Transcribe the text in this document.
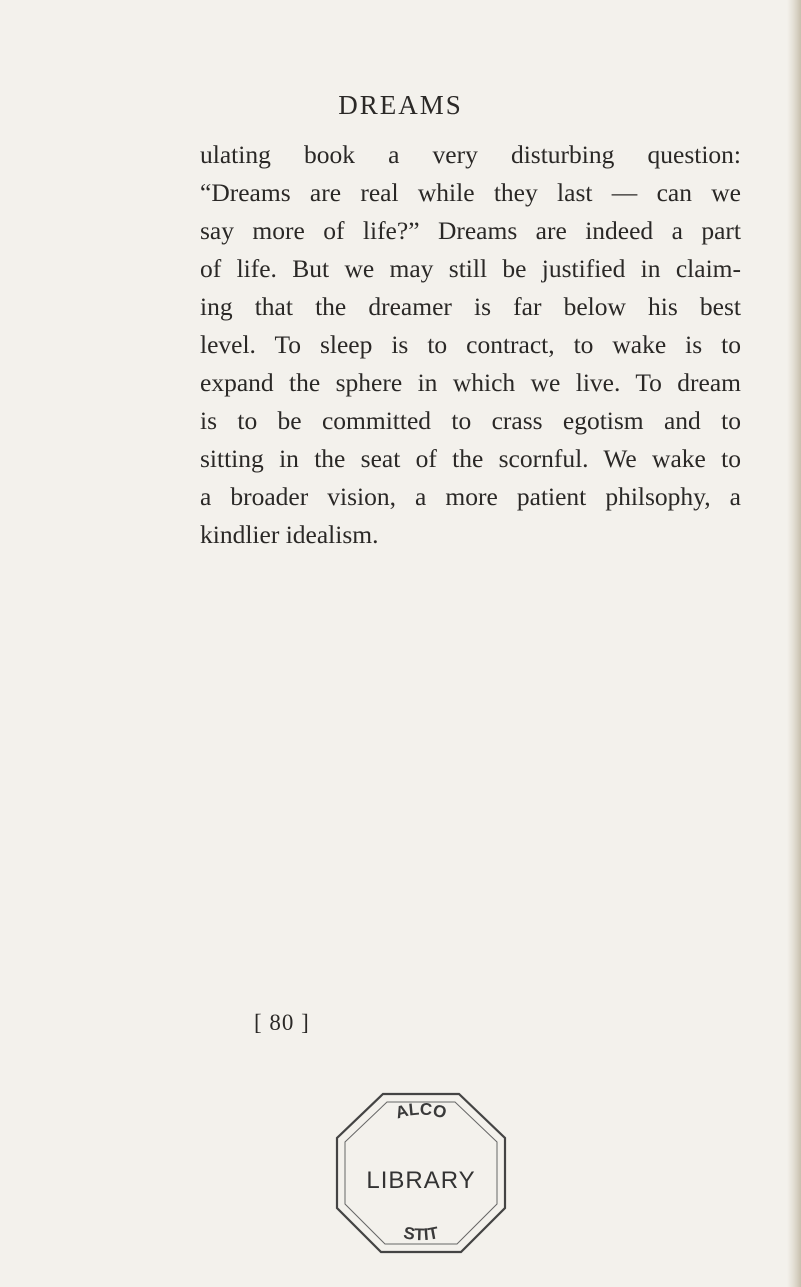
DREAMS
ulating book a very disturbing question:
“Dreams are real while they last — can we
say more of life?” Dreams are indeed a part
of life. But we may still be justified in claim-
ing that the dreamer is far below his best
level. To sleep is to contract, to wake is to
expand the sphere in which we live. To dream
is to be committed to crass egotism and to
sitting in the seat of the scornful. We wake to
a broader vision, a more patient philsophy, a
kindlier idealism.
[ 80 ]
ALCO
LIBRARY
STIT
